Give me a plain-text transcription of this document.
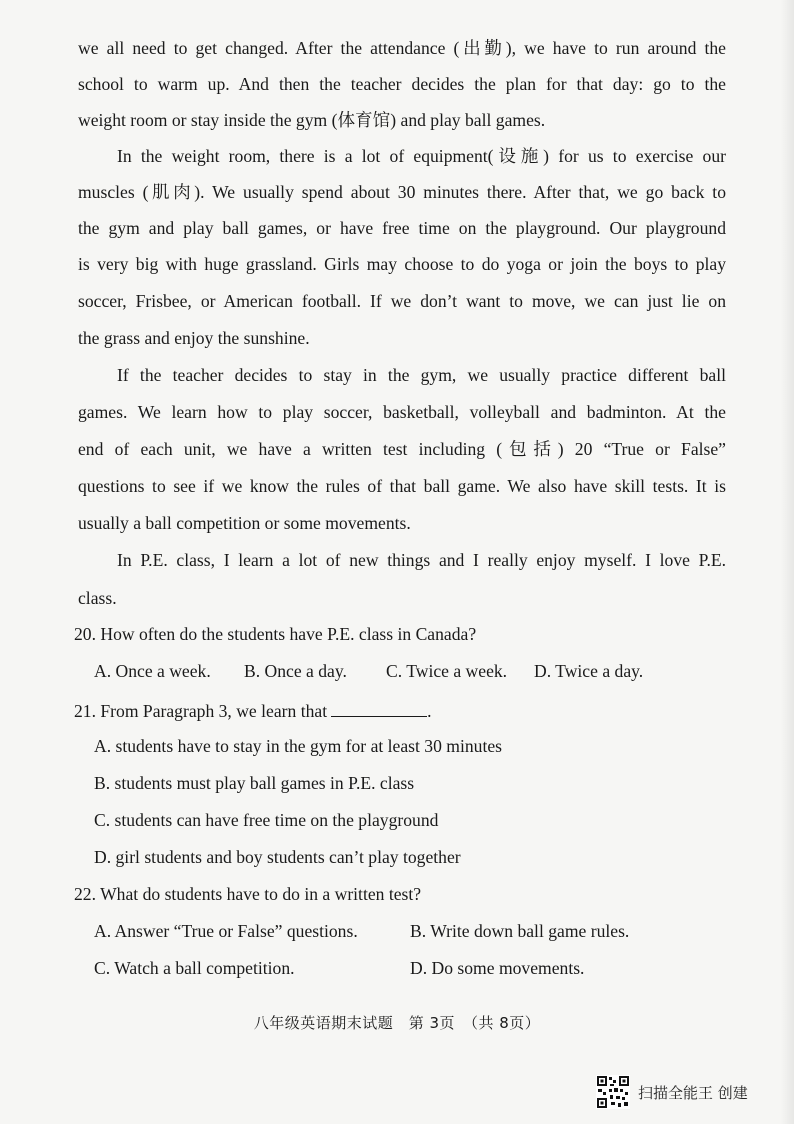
we all need to get changed. After the attendance (出勤), we have to run around the
school to warm up. And then the teacher decides the plan for that day: go to the
weight room or stay inside the gym (体育馆) and play ball games.
In the weight room, there is a lot of equipment(设施) for us to exercise our
muscles (肌肉). We usually spend about 30 minutes there. After that, we go back to
the gym and play ball games, or have free time on the playground. Our playground
is very big with huge grassland. Girls may choose to do yoga or join the boys to play
soccer, Frisbee, or American football. If we don’t want to move, we can just lie on
the grass and enjoy the sunshine.
If the teacher decides to stay in the gym, we usually practice different ball
games. We learn how to play soccer, basketball, volleyball and badminton. At the
end of each unit, we have a written test including (包括) 20 “True or False”
questions to see if we know the rules of that ball game. We also have skill tests. It is
usually a ball competition or some movements.
In P.E. class, I learn a lot of new things and I really enjoy myself. I love P.E.
class.
20. How often do the students have P.E. class in Canada?
A. Once a week. B. Once a day. C. Twice a week. D. Twice a day.
21. From Paragraph 3, we learn that	.
A. students have to stay in the gym for at least 30 minutes
B. students must play ball games in P.E. class
C. students can have free time on the playground
D. girl students and boy students can’t play together
22. What do students have to do in a written test?
A. Answer “True or False” questions.	B. Write down ball game rules.
C. Watch a ball competition.	D. Do some movements.
八年级英语期末试题　第 3页　（共 8页）
扫描全能王 创建
